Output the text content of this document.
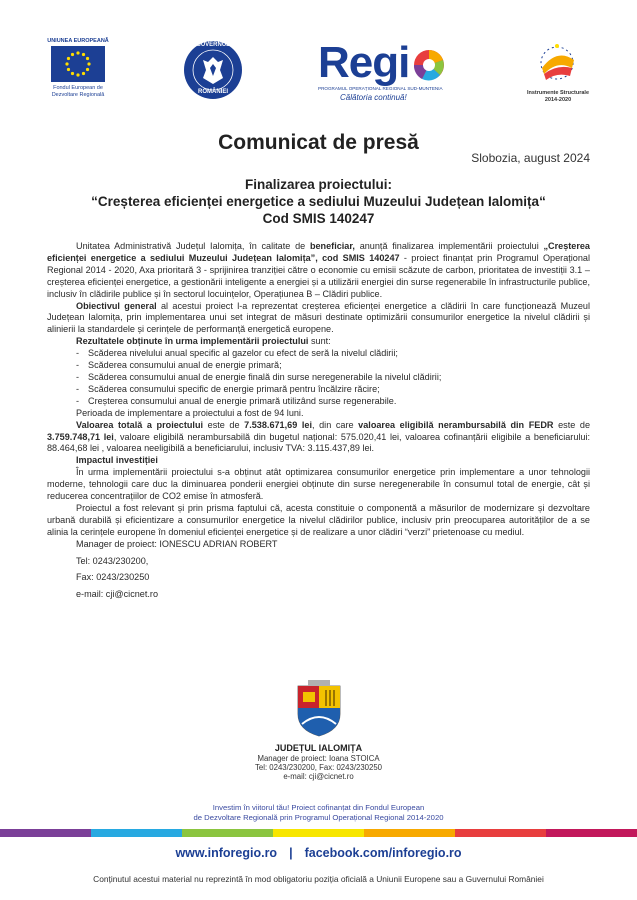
UNIUNEA EUROPEANĂ
Fondul European de
Dezvoltare Regională
GUVERNUL
ROMÂNIEI
Regi
PROGRAMUL OPERAȚIONAL REGIONAL SUD-MUNTENIA
Călătoria continuă!	Instrumente Structurale
2014-2020
Comunicat de presă
Slobozia, august 2024
Finalizarea proiectului:
“Creșterea eficienței energetice a sediului Muzeului Județean Ialomița“
Cod SMIS 140247

Unitatea Administrativă Județul Ialomița, în calitate de beneficiar, anunță finalizarea implementării proiectului „Creșterea eficienței energetice a sediului Muzeului Județean Ialomița”, cod SMIS 140247 - proiect finanțat prin Programul Operațional Regional 2014 - 2020, Axa prioritară 3 - sprijinirea tranziției către o economie cu emisii scăzute de carbon, prioritatea de investiții 3.1 – creșterea eficienței energetice, a gestionării inteligente a energiei și a utilizării energiei din surse regenerabile în infrastructurile publice, inclusiv în clădirile publice și în sectorul locuințelor, Operațiunea B – Clădiri publice.

Obiectivul general al acestui proiect l-a reprezentat creșterea eficienței energetice a clădirii în care funcționează Muzeul Județean Ialomița, prin implementarea unui set integrat de măsuri destinate optimizării consumurilor energetice la nivelul clădirii și alinierii la standardele și cerințele de performanță energetică europene.

Rezultatele obținute în urma implementării proiectului sunt:

- Scăderea nivelului anual specific al gazelor cu efect de seră la nivelul clădirii;
- Scăderea consumului anual de energie primară;
- Scăderea consumului anual de energie finală din surse neregenerabile la nivelul clădirii;
- Scăderea consumului specific de energie primară pentru încălzire răcire;
- Creșterea consumului anual de energie primară utilizând surse regenerabile.

Perioada de implementare a proiectului a fost de 94 luni.

Valoarea totală a proiectului este de 7.538.671,69 lei, din care valoarea eligibilă nerambursabilă din FEDR este de 3.759.748,71 lei, valoare eligibilă nerambursabilă din bugetul național: 575.020,41 lei, valoarea cofinanțării eligibile a beneficiarului: 88.464,68 lei , valoarea neeligibilă a beneficiarului, inclusiv TVA: 3.115.437,89 lei.

Impactul investiției

În urma implementării proiectului s-a obținut atât optimizarea consumurilor energetice prin implementare a unor tehnologii moderne, tehnologii care duc la diminuarea ponderii energiei obținute din surse neregenerabile în consumul total de energie, cât și reducerea concentrațiilor de CO2 emise în atmosferă.

Proiectul a fost relevant și prin prisma faptului că, acesta constituie o componentă a măsurilor de modernizare și dezvoltare urbană durabilă și eficientizare a consumurilor energetice la nivelul clădirilor publice, inclusiv prin preocuparea autorităților de a se alinia la cerințele europene în domeniul eficienței energetice și de realizare a unor clădiri “verzi” prietenoase cu mediul.

Manager de proiect: IONESCU ADRIAN ROBERT

Tel: 0243/230200,

Fax: 0243/230250

e-mail: cji@cicnet.ro

JUDEȚUL IALOMIȚA
Manager de proiect: Ioana STOICA
Tel: 0243/230200, Fax: 0243/230250
e-mail: cji@cicnet.ro
Investim în viitorul tău! Proiect cofinanțat din Fondul European
de Dezvoltare Regională prin Programul Operațional Regional 2014-2020
www.inforegio.ro | facebook.com/inforegio.ro
Conținutul acestui material nu reprezintă în mod obligatoriu poziția oficială a Uniunii Europene sau a Guvernului României
